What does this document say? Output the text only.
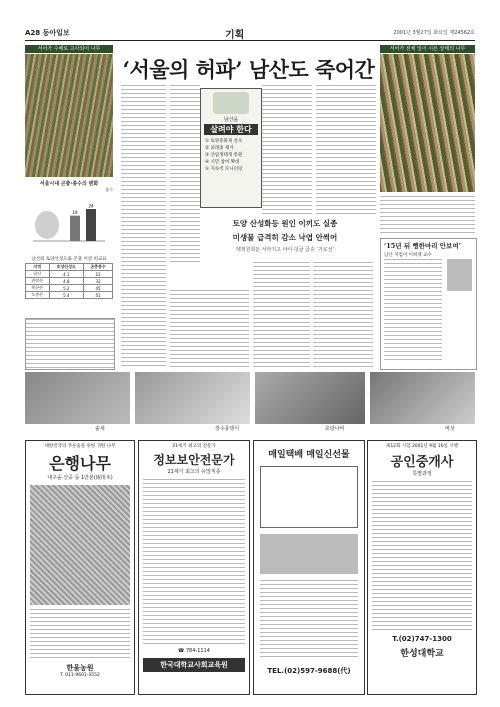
A28 동아일보	기획	2001년 3월27일 화요일 제24562호
서어가 수해로 고사되어 나무
‘서울의 허파’ 남산도 죽어간
서어가 전체 잎이 시든 상태의 나무
남산을
살려야 한다
① 토양중화제 살포
② 외래종 제거
③ 산림생태계 복원
④ 시민 참여 확대
⑤ 지속적 모니터링
토양 산성화등 원인 이끼도 실종
미생물 급격히 감소 낙엽 안썩어
택정원희돈 서라지고 야이·덩굴 급증 ‘기로선’
서울시내 곤충·종수의 변화
종수
19
24
남산의 토양산성도와 곤충 이전 비교표
지역	토양산성도	곤충종수
남산	4.1	23
관악산	4.8	32
북한산	5.2	45
도봉산	5.4	51
‘15년 뒤 뻥한마리 안보여’
남산 지킴이 이희재 교수
솔새	장수풍뎅이	호랑나비	버섯
대한민국의 푸른숲을 위한 귀한 나무
은행나무
대구숲 산중 등 1만본(琉用木)
한울농원
T. 011-9601-3552
21세기 최고의 전문가
정보보안전문가
21세기 최고의 유망직종
☎ 784-1114
한국대학교사회교육원
매일택배 매일신선물
TEL.(02)597-9688(代)
제12회 시험 2001년 9월 16일 시행
공인중개사
특별과정
T.(02)747-1300
한성대학교
